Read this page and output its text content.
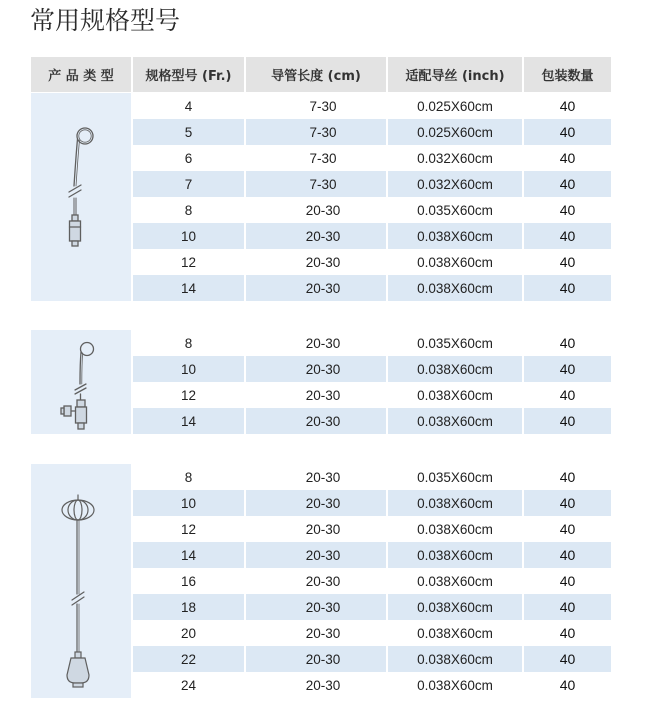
常用规格型号
产 品 类 型	规格型号 (Fr.)	导管长度 (cm)	适配导丝 (inch)	包装数量
4	7-30	0.025X60cm	40
5	7-30	0.025X60cm	40
6	7-30	0.032X60cm	40
7	7-30	0.032X60cm	40
8	20-30	0.035X60cm	40
10	20-30	0.038X60cm	40
12	20-30	0.038X60cm	40
14	20-30	0.038X60cm	40
8	20-30	0.035X60cm	40
10	20-30	0.038X60cm	40
12	20-30	0.038X60cm	40
14	20-30	0.038X60cm	40
8	20-30	0.035X60cm	40
10	20-30	0.038X60cm	40
12	20-30	0.038X60cm	40
14	20-30	0.038X60cm	40
16	20-30	0.038X60cm	40
18	20-30	0.038X60cm	40
20	20-30	0.038X60cm	40
22	20-30	0.038X60cm	40
24	20-30	0.038X60cm	40
